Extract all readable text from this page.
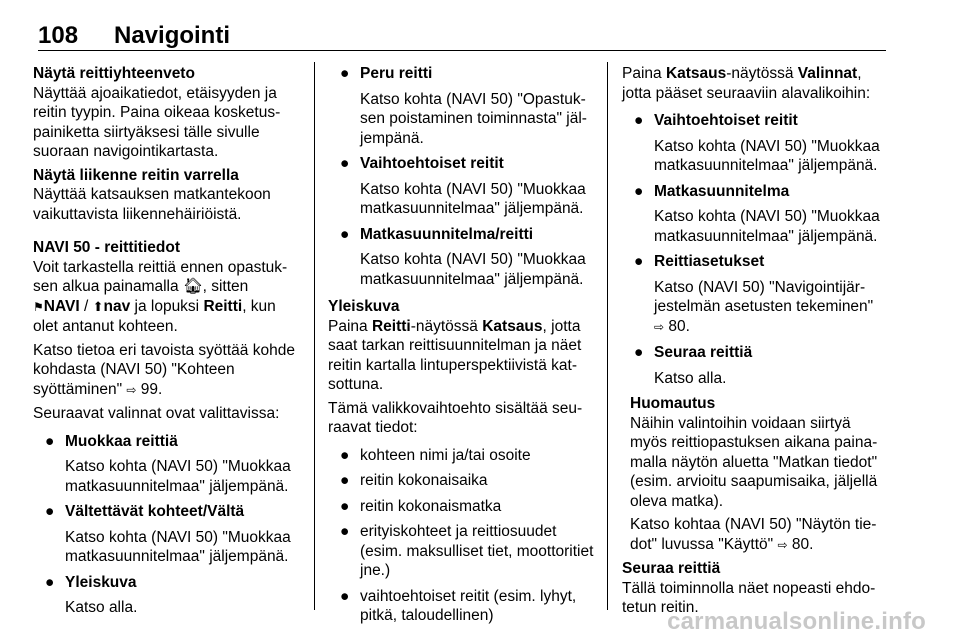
108 Navigointi
Näytä reittiyhteenveto
Näyttää ajoaikatiedot, etäisyyden ja reitin tyypin. Paina oikeaa kosketuspainiketta siirtyäksesi tälle sivulle suoraan navigointikartasta.
Näytä liikenne reitin varrella
Näyttää katsauksen matkantekoon vaikuttavista liikennehäiriöistä.
NAVI 50 - reittitiedot
Voit tarkastella reittiä ennen opastuksen alkua painamalla 🏠︎, sitten
⚑NAVI / ⬆nav ja lopuksi Reitti, kun olet antanut kohteen.
Katso tietoa eri tavoista syöttää kohde kohdasta (NAVI 50) "Kohteen syöttäminen" ⇨ 99.
Seuraavat valinnat ovat valittavissa:
● Muokkaa reittiä
Katso kohta (NAVI 50) "Muokkaa matkasuunnitelmaa" jäljempänä.
● Vältettävät kohteet/Vältä
Katso kohta (NAVI 50) "Muokkaa matkasuunnitelmaa" jäljempänä.
● Yleiskuva
Katso alla.
● Peru reitti
Katso kohta (NAVI 50) "Opastuksen poistaminen toiminnasta" jäljempänä.
● Vaihtoehtoiset reitit
Katso kohta (NAVI 50) "Muokkaa matkasuunnitelmaa" jäljempänä.
● Matkasuunnitelma/reitti
Katso kohta (NAVI 50) "Muokkaa matkasuunnitelmaa" jäljempänä.
Yleiskuva
Paina Reitti-näytössä Katsaus, jotta saat tarkan reittisuunnitelman ja näet reitin kartalla lintuperspektiivistä katsottuna.
Tämä valikkovaihtoehto sisältää seuraavat tiedot:
● kohteen nimi ja/tai osoite
● reitin kokonaisaika
● reitin kokonaismatka
● erityiskohteet ja reittiosuudet (esim. maksulliset tiet, moottoritiet jne.)
● vaihtoehtoiset reitit (esim. lyhyt, pitkä, taloudellinen)
Paina Katsaus-näytössä Valinnat, jotta pääset seuraaviin alavalikoihin:
● Vaihtoehtoiset reitit
Katso kohta (NAVI 50) "Muokkaa matkasuunnitelmaa" jäljempänä.
● Matkasuunnitelma
Katso kohta (NAVI 50) "Muokkaa matkasuunnitelmaa" jäljempänä.
● Reittiasetukset
Katso (NAVI 50) "Navigointijärjestelmän asetusten tekeminen"
⇨ 80.
● Seuraa reittiä
Katso alla.
Huomautus
Näihin valintoihin voidaan siirtyä myös reittiopastuksen aikana painamalla näytön aluetta "Matkan tiedot" (esim. arvioitu saapumisaika, jäljellä oleva matka).
Katso kohtaa (NAVI 50) "Näytön tiedot" luvussa "Käyttö" ⇨ 80.
Seuraa reittiä
Tällä toiminnolla näet nopeasti ehdotetun reitin.
carmanualsonline.info
